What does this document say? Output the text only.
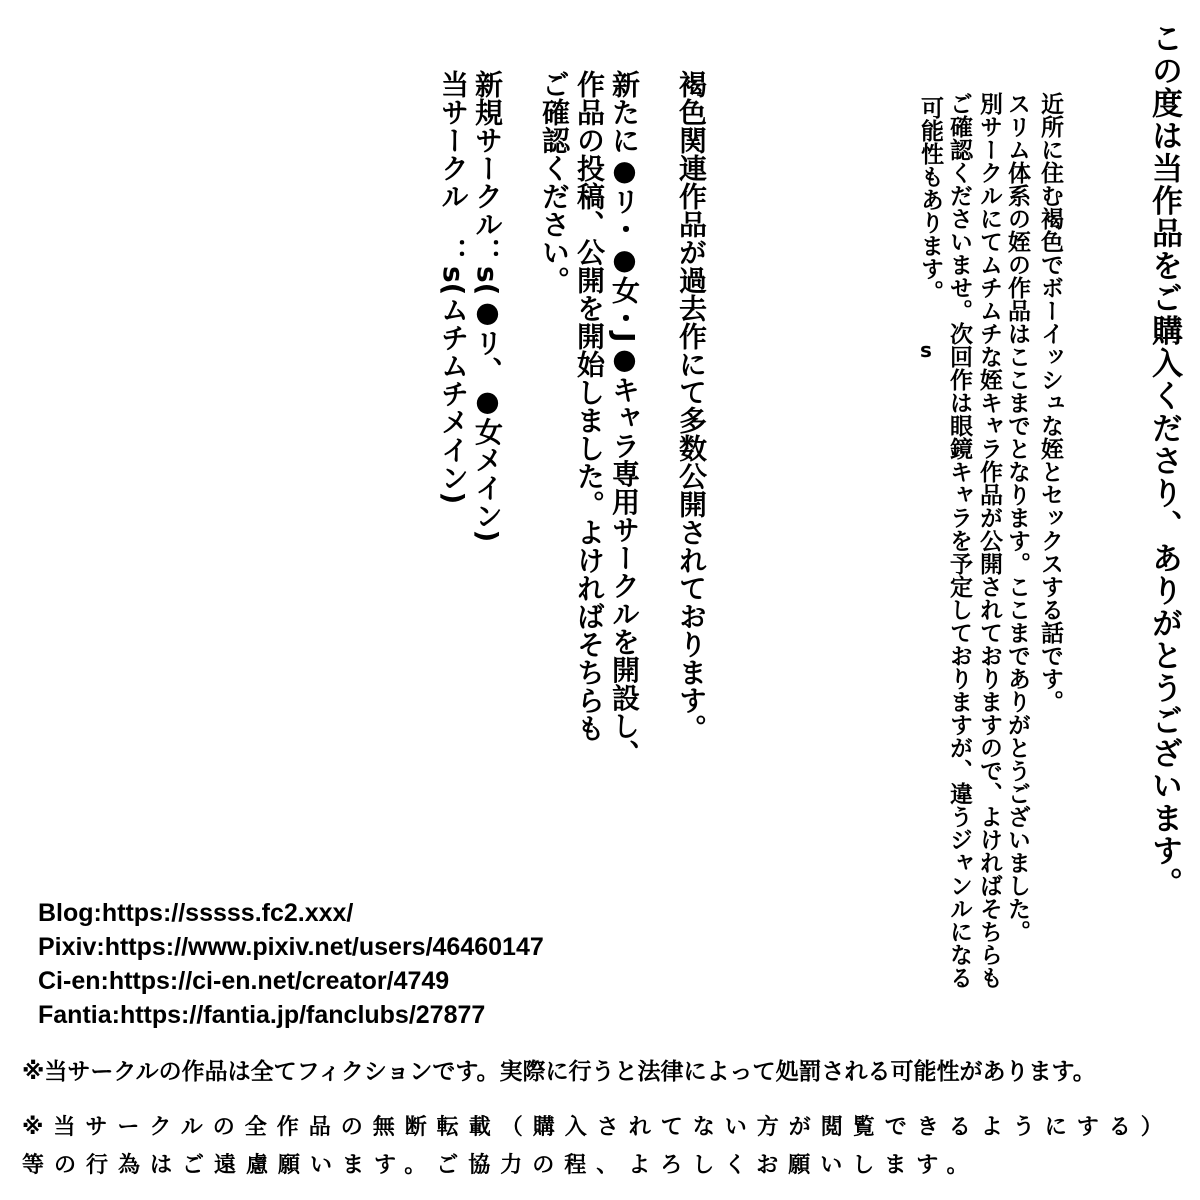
この度は当作品をご購入くださり、ありがとうございます。
近所に住む褐色でボーイッシュな姪とセックスする話です。
スリム体系の姪の作品はここまでとなります。ここまでありがとうございました。
別サークルにてムチムチな姪キャラ作品が公開されておりますので、よければそちらも
ご確認くださいませ。次回作は眼鏡キャラを予定しておりますが、違うジャンルになる
可能性もあります。
s
褐色関連作品が過去作にて多数公開されております。
新たに●リ・●女・J●キャラ専用サークルを開設し、
作品の投稿、公開を開始しました。よければそちらも
ご確認ください。
新規サークル：s(●リ、●女メイン)
当サークル　：s(ムチムチメイン)
Blog:https://sssss.fc2.xxx/
Pixiv:https://www.pixiv.net/users/46460147
Ci-en:https://ci-en.net/creator/4749
Fantia:https://fantia.jp/fanclubs/27877
※当サークルの作品は全てフィクションです。実際に行うと法律によって処罰される可能性があります。
※当サークルの全作品の無断転載（購入されてない方が閲覧できるようにする）
等の行為はご遠慮願います。ご協力の程、よろしくお願いします。
